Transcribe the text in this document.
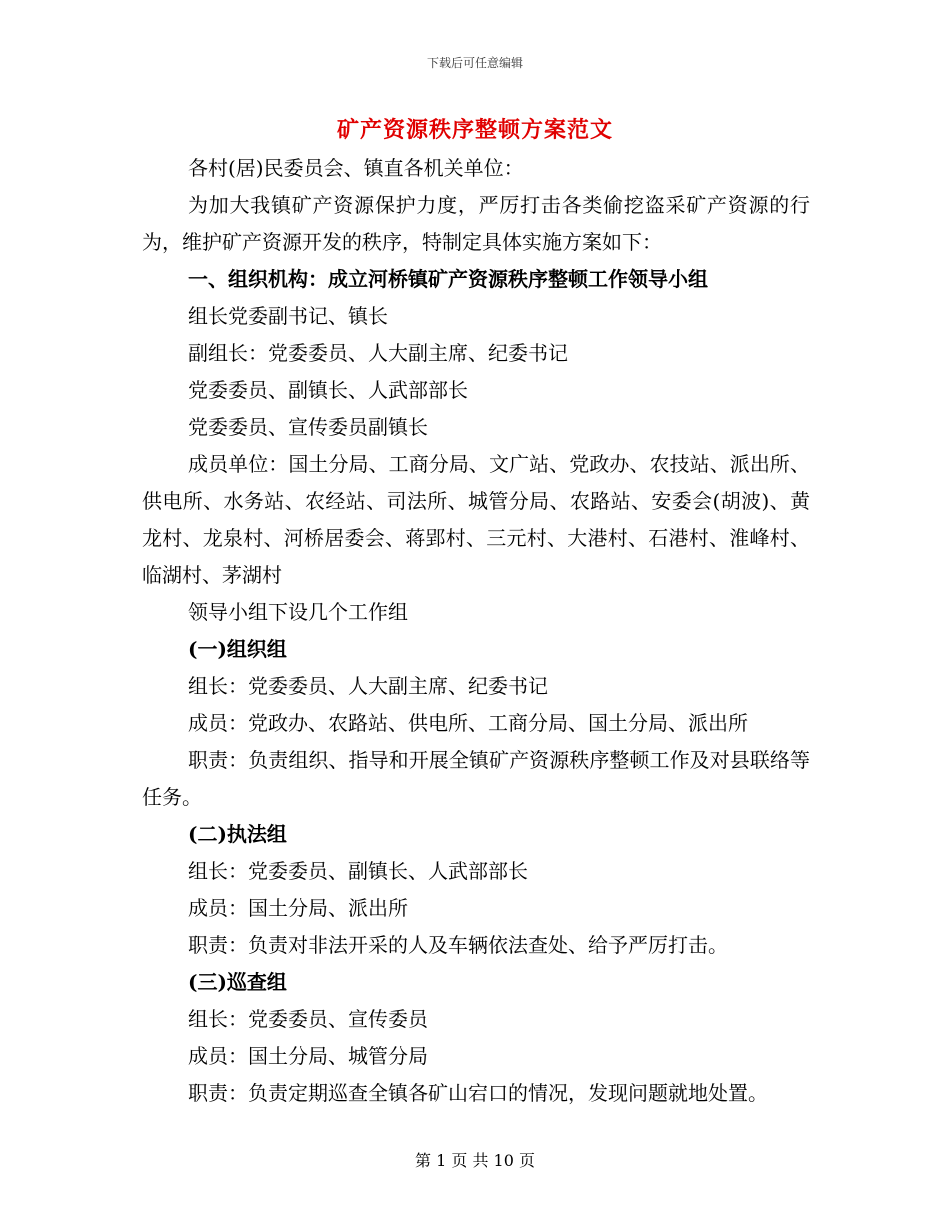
下载后可任意编辑
矿产资源秩序整顿方案范文

各村(居)民委员会、镇直各机关单位：

为加大我镇矿产资源保护力度，严厉打击各类偷挖盗采矿产资源的行为，维护矿产资源开发的秩序，特制定具体实施方案如下：

一、组织机构：成立河桥镇矿产资源秩序整顿工作领导小组

组长党委副书记、镇长

副组长：党委委员、人大副主席、纪委书记

党委委员、副镇长、人武部部长

党委委员、宣传委员副镇长

成员单位：国土分局、工商分局、文广站、党政办、农技站、派出所、供电所、水务站、农经站、司法所、城管分局、农路站、安委会(胡波)、黄龙村、龙泉村、河桥居委会、蒋郢村、三元村、大港村、石港村、淮峰村、临湖村、茅湖村

领导小组下设几个工作组

(一)组织组

组长：党委委员、人大副主席、纪委书记

成员：党政办、农路站、供电所、工商分局、国土分局、派出所

职责：负责组织、指导和开展全镇矿产资源秩序整顿工作及对县联络等任务。

(二)执法组

组长：党委委员、副镇长、人武部部长

成员：国土分局、派出所

职责：负责对非法开采的人及车辆依法查处、给予严厉打击。

(三)巡查组

组长：党委委员、宣传委员

成员：国土分局、城管分局

职责：负责定期巡查全镇各矿山宕口的情况，发现问题就地处置。

第 1 页 共 10 页
